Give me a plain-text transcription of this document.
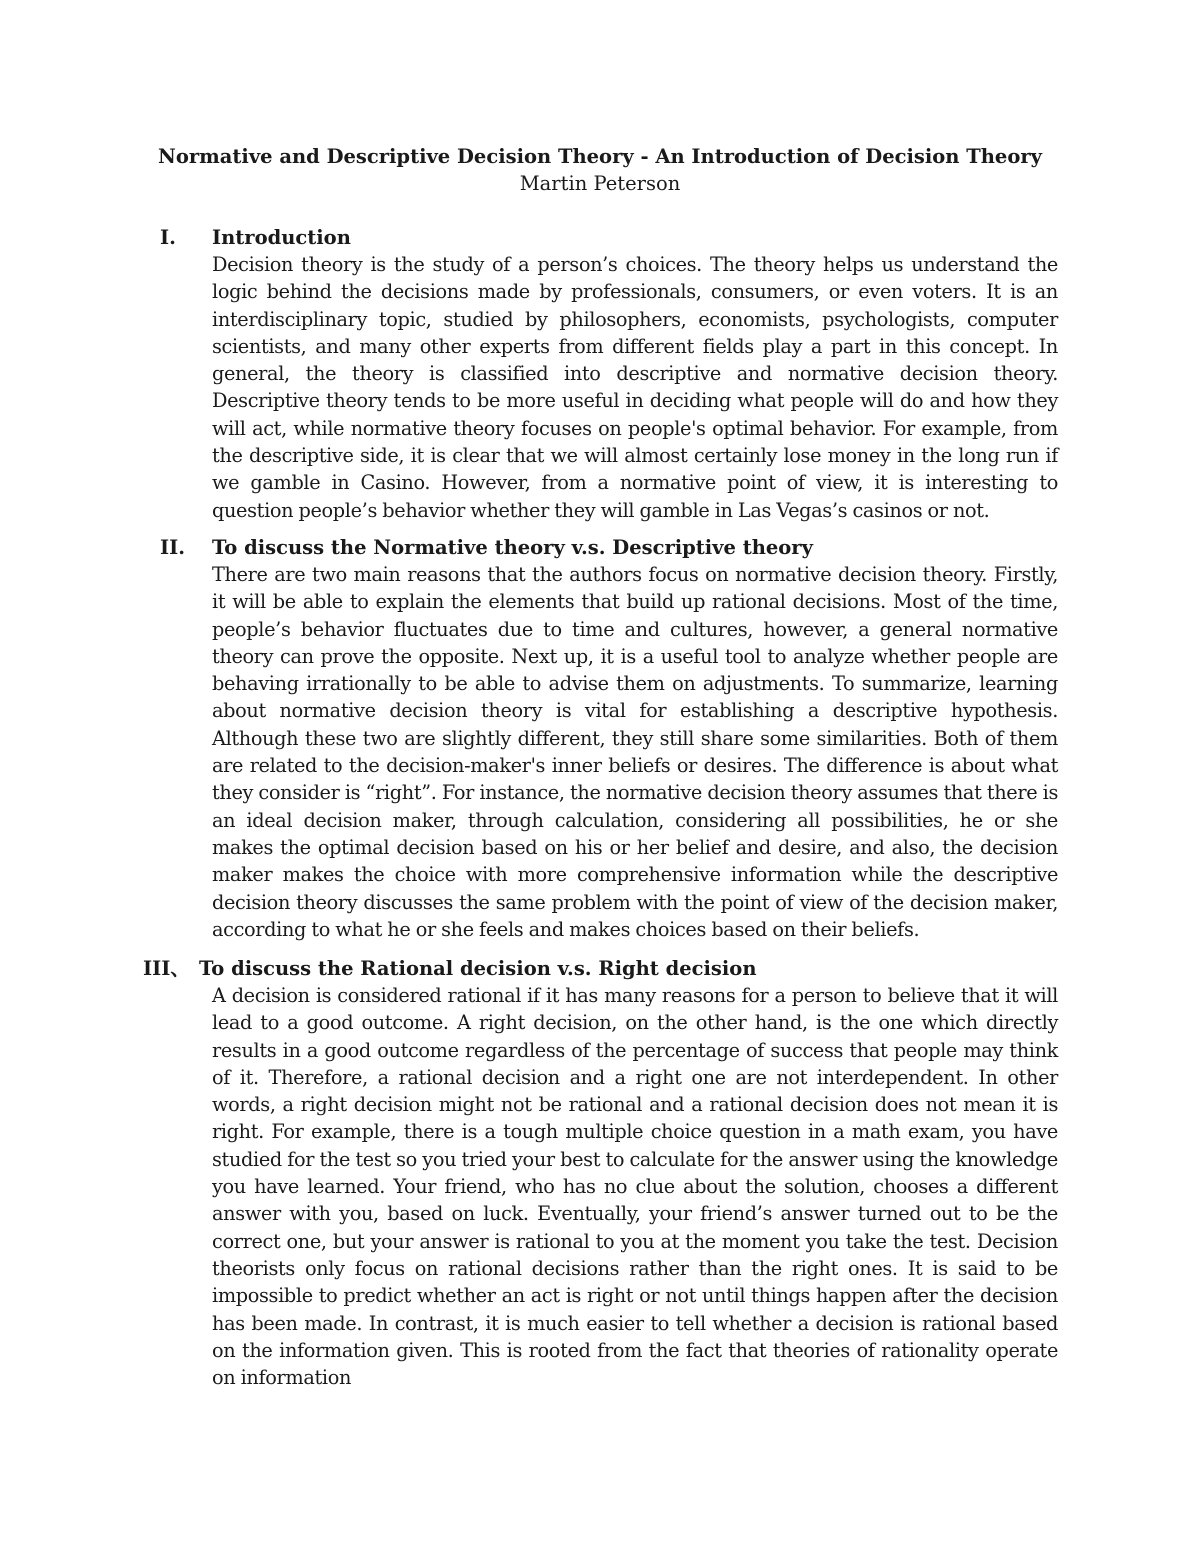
Normative and Descriptive Decision Theory - An Introduction of Decision Theory
Martin Peterson
I. Introduction
Decision theory is the study of a person’s choices. The theory helps us understand the logic behind the decisions made by professionals, consumers, or even voters. It is an interdisciplinary topic, studied by philosophers, economists, psychologists, computer scientists, and many other experts from different fields play a part in this concept. In general, the theory is classified into descriptive and normative decision theory. Descriptive theory tends to be more useful in deciding what people will do and how they will act, while normative theory focuses on people's optimal behavior. For example, from the descriptive side, it is clear that we will almost certainly lose money in the long run if we gamble in Casino. However, from a normative point of view, it is interesting to question people’s behavior whether they will gamble in Las Vegas’s casinos or not.
II. To discuss the Normative theory v.s. Descriptive theory
There are two main reasons that the authors focus on normative decision theory. Firstly, it will be able to explain the elements that build up rational decisions. Most of the time, people’s behavior fluctuates due to time and cultures, however, a general normative theory can prove the opposite. Next up, it is a useful tool to analyze whether people are behaving irrationally to be able to advise them on adjustments. To summarize, learning about normative decision theory is vital for establishing a descriptive hypothesis. Although these two are slightly different, they still share some similarities. Both of them are related to the decision-maker's inner beliefs or desires. The difference is about what they consider is “right”. For instance, the normative decision theory assumes that there is an ideal decision maker, through calculation, considering all possibilities, he or she makes the optimal decision based on his or her belief and desire, and also, the decision maker makes the choice with more comprehensive information while the descriptive decision theory discusses the same problem with the point of view of the decision maker, according to what he or she feels and makes choices based on their beliefs.
III、 To discuss the Rational decision v.s. Right decision
A decision is considered rational if it has many reasons for a person to believe that it will lead to a good outcome. A right decision, on the other hand, is the one which directly results in a good outcome regardless of the percentage of success that people may think of it. Therefore, a rational decision and a right one are not interdependent. In other words, a right decision might not be rational and a rational decision does not mean it is right. For example, there is a tough multiple choice question in a math exam, you have studied for the test so you tried your best to calculate for the answer using the knowledge you have learned. Your friend, who has no clue about the solution, chooses a different answer with you, based on luck. Eventually, your friend’s answer turned out to be the correct one, but your answer is rational to you at the moment you take the test. Decision theorists only focus on rational decisions rather than the right ones. It is said to be impossible to predict whether an act is right or not until things happen after the decision has been made. In contrast, it is much easier to tell whether a decision is rational based on the information given. This is rooted from the fact that theories of rationality operate on information
